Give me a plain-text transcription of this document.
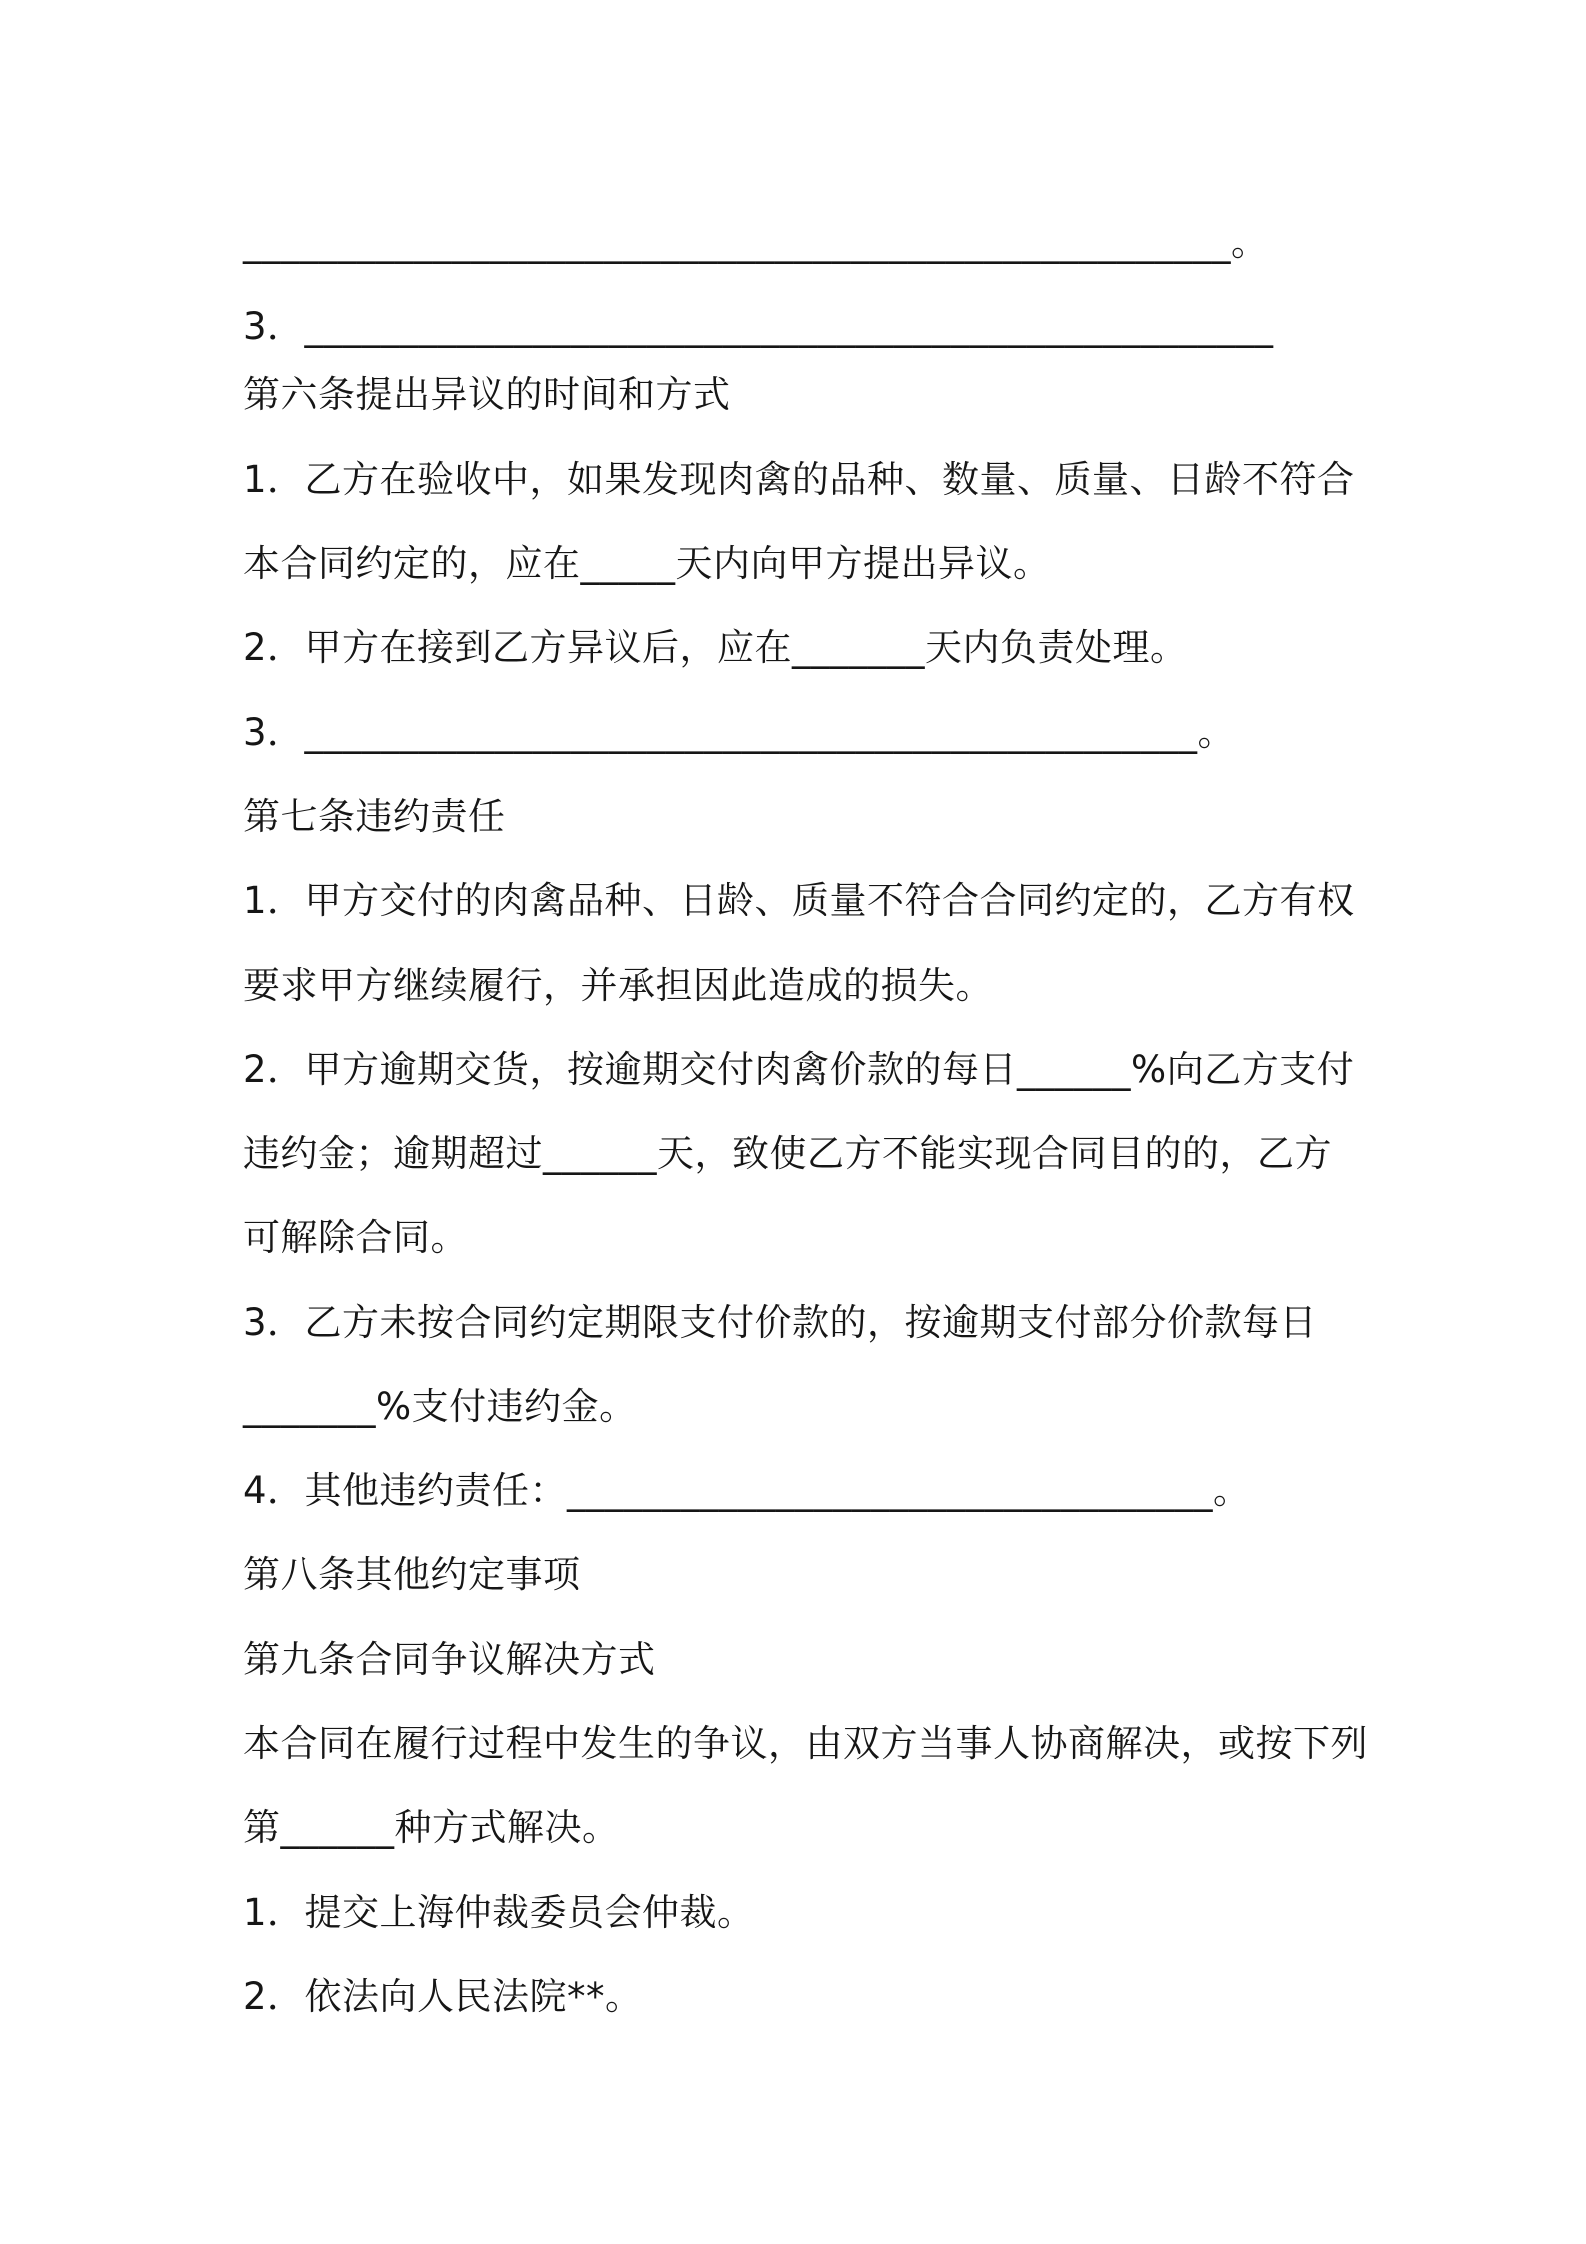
____________________________________________________。
3．___________________________________________________
第六条提出异议的时间和方式
1．乙方在验收中，如果发现肉禽的品种、数量、质量、日龄不符合
本合同约定的，应在_____天内向甲方提出异议。
2．甲方在接到乙方异议后，应在_______天内负责处理。
3．_______________________________________________。
第七条违约责任
1．甲方交付的肉禽品种、日龄、质量不符合合同约定的，乙方有权
要求甲方继续履行，并承担因此造成的损失。
2．甲方逾期交货，按逾期交付肉禽价款的每日______%向乙方支付
违约金；逾期超过______天，致使乙方不能实现合同目的的，乙方
可解除合同。
3．乙方未按合同约定期限支付价款的，按逾期支付部分价款每日
_______%支付违约金。
4．其他违约责任：__________________________________。
第八条其他约定事项
第九条合同争议解决方式
本合同在履行过程中发生的争议，由双方当事人协商解决，或按下列
第______种方式解决。
1．提交上海仲裁委员会仲裁。
2．依法向人民法院**。
